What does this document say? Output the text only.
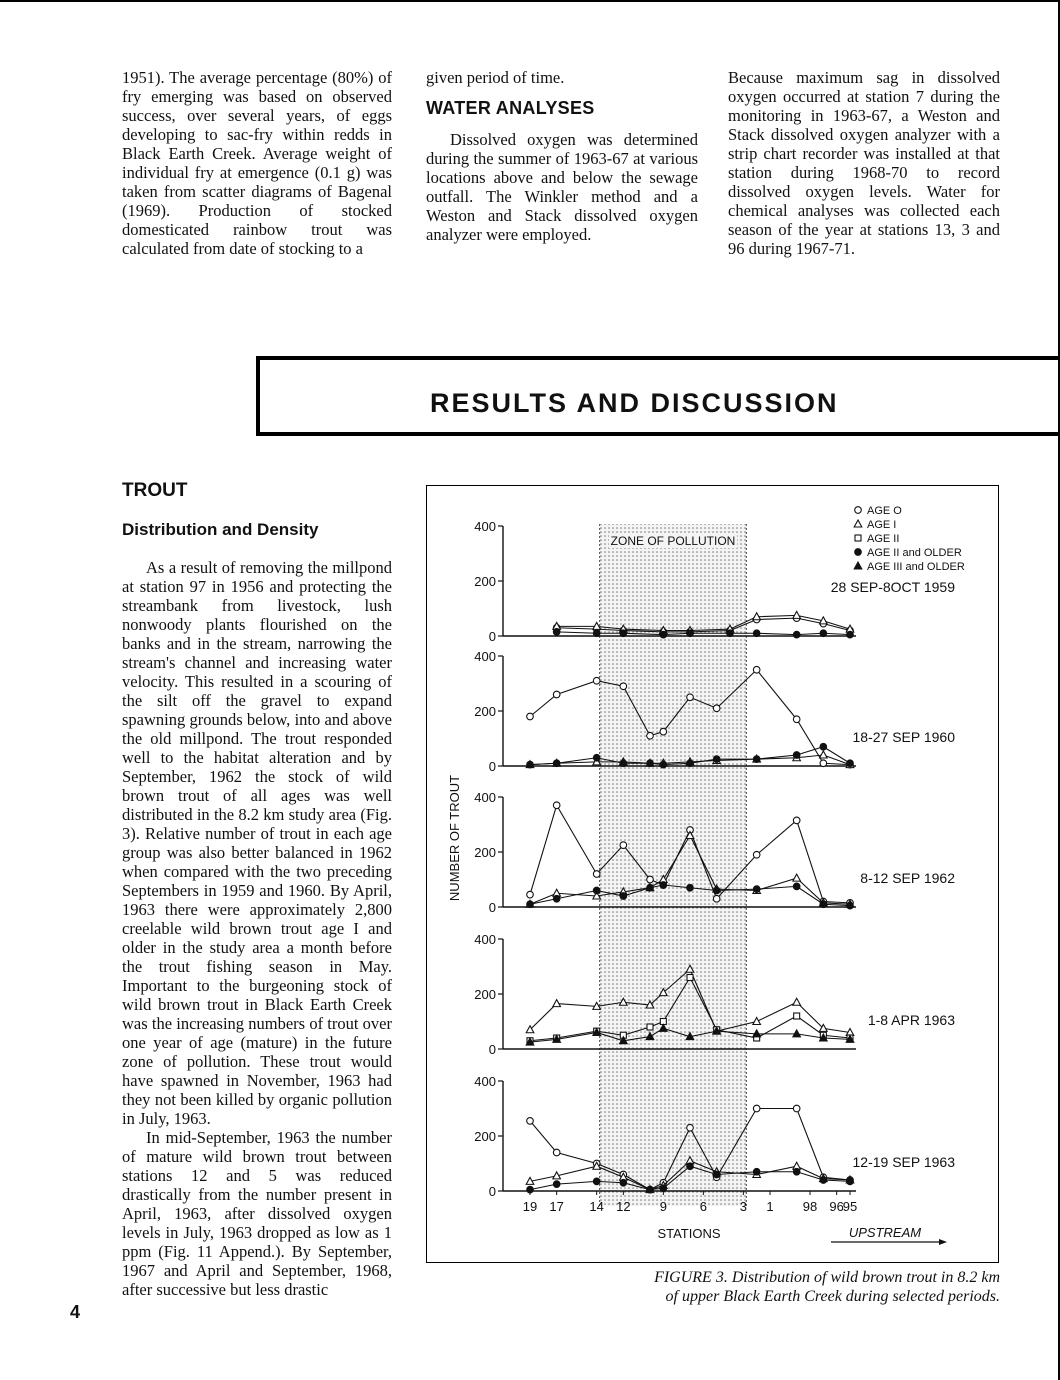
1951). The average percentage (80%) of fry emerging was based on observed success, over several years, of eggs developing to sac-fry within redds in Black Earth Creek. Average weight of individual fry at emergence (0.1 g) was taken from scatter diagrams of Bagenal (1969). Production of stocked domesticated rainbow trout was calculated from date of stocking to a

given period of time.

WATER ANALYSES

Dissolved oxygen was determined during the summer of 1963-67 at various locations above and below the sewage outfall. The Winkler method and a Weston and Stack dissolved oxygen analyzer were employed.

Because maximum sag in dissolved oxygen occurred at station 7 during the monitoring in 1963-67, a Weston and Stack dissolved oxygen analyzer with a strip chart recorder was installed at that station during 1968-70 to record dissolved oxygen levels. Water for chemical analyses was collected each season of the year at stations 13, 3 and 96 during 1967-71.

RESULTS AND DISCUSSION
TROUT
Distribution and Density

As a result of removing the millpond at station 97 in 1956 and protecting the streambank from livestock, lush nonwoody plants flourished on the banks and in the stream, narrowing the stream's channel and increasing water velocity. This resulted in a scouring of the silt off the gravel to expand spawning grounds below, into and above the old millpond. The trout responded well to the habitat alteration and by September, 1962 the stock of wild brown trout of all ages was well distributed in the 8.2 km study area (Fig. 3). Relative number of trout in each age group was also better balanced in 1962 when compared with the two preceding Septembers in 1959 and 1960. By April, 1963 there were approximately 2,800 creelable wild brown trout age I and older in the study area a month before the trout fishing season in May. Important to the burgeoning stock of wild brown trout in Black Earth Creek was the increasing numbers of trout over one year of age (mature) in the future zone of pollution. These trout would have spawned in November, 1963 had they not been killed by organic pollution in July, 1963.

In mid-September, 1963 the number of mature wild brown trout between stations 12 and 5 was reduced drastically from the number present in April, 1963, after dissolved oxygen levels in July, 1963 dropped as low as 1 ppm (Fig. 11 Append.). By September, 1967 and April and September, 1968, after successive but less drastic

4
ZONE OF POLLUTION
0
200
400
28 SEP-8OCT 1959
0
200
400
18-27 SEP 1960
0
200
400
8-12 SEP 1962
0
200
400
1-8 APR 1963
0
200
400
12-19 SEP 1963
19 17 14 12 9	6	3 1 98 96
95
STATIONS	UPSTREAM
NUMBER OF TROUT
AGE O
AGE I
AGE II
AGE II and OLDER
AGE III and OLDER
FIGURE 3. Distribution of wild brown trout in 8.2 km of upper Black Earth Creek during selected periods.
